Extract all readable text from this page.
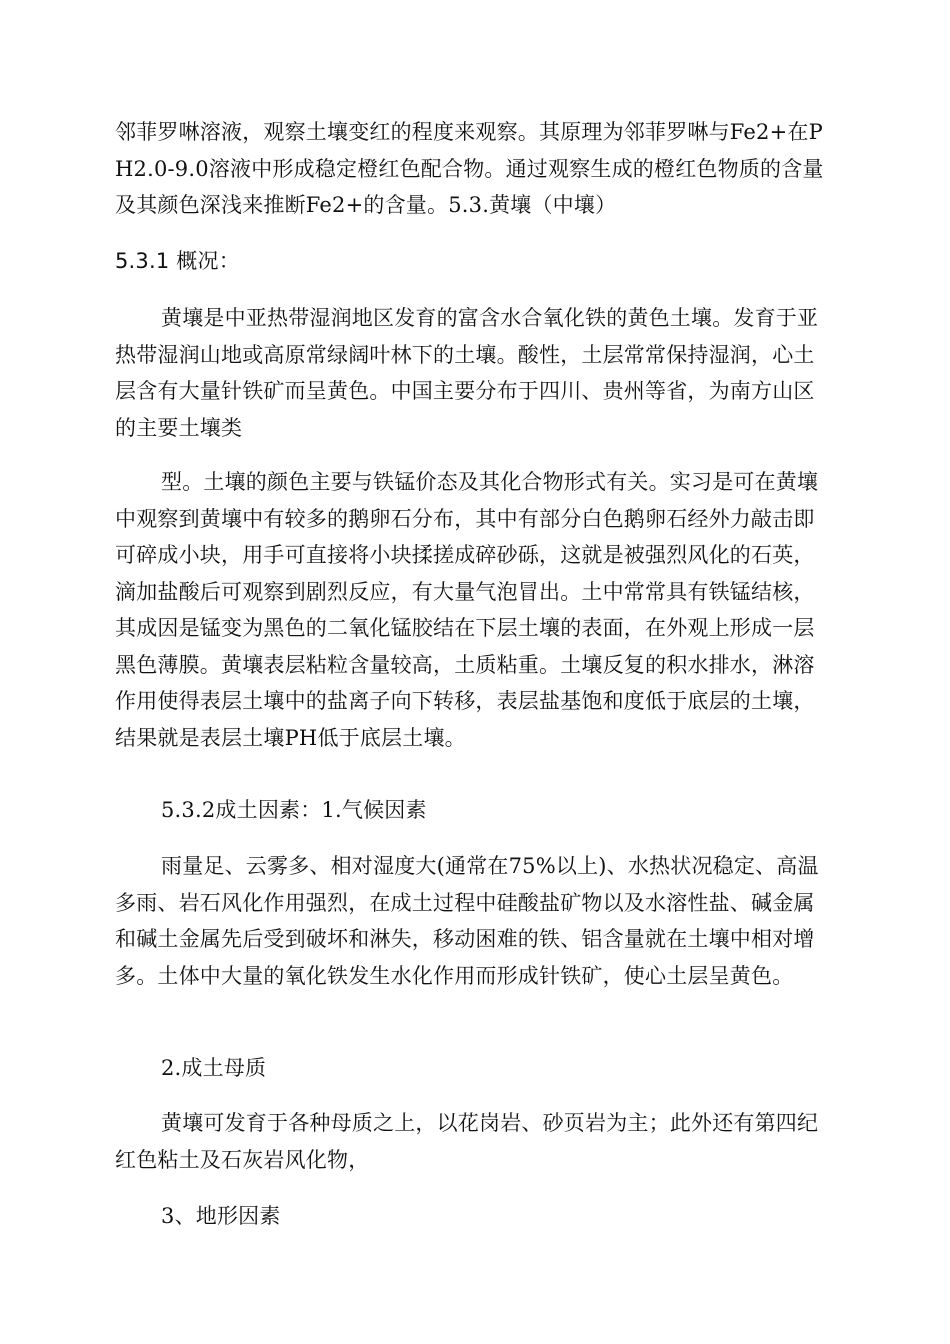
邻菲罗啉溶液，观察土壤变红的程度来观察。其原理为邻菲罗啉与Fe2+在PH2.0-9.0溶液中形成稳定橙红色配合物。通过观察生成的橙红色物质的含量及其颜色深浅来推断Fe2+的含量。5.3.黄壤（中壤）

5.3.1 概况：

黄壤是中亚热带湿润地区发育的富含水合氧化铁的黄色土壤。发育于亚热带湿润山地或高原常绿阔叶林下的土壤。酸性，土层常常保持湿润，心土层含有大量针铁矿而呈黄色。中国主要分布于四川、贵州等省，为南方山区的主要土壤类

型。土壤的颜色主要与铁锰价态及其化合物形式有关。实习是可在黄壤中观察到黄壤中有较多的鹅卵石分布，其中有部分白色鹅卵石经外力敲击即可碎成小块，用手可直接将小块揉搓成碎砂砾，这就是被强烈风化的石英，滴加盐酸后可观察到剧烈反应，有大量气泡冒出。土中常常具有铁锰结核，其成因是锰变为黑色的二氧化锰胶结在下层土壤的表面，在外观上形成一层黑色薄膜。黄壤表层粘粒含量较高，土质粘重。土壤反复的积水排水，淋溶作用使得表层土壤中的盐离子向下转移，表层盐基饱和度低于底层的土壤，结果就是表层土壤PH低于底层土壤。

5.3.2成土因素：1.气候因素

雨量足、云雾多、相对湿度大(通常在75%以上)、水热状况稳定、高温多雨、岩石风化作用强烈，在成土过程中硅酸盐矿物以及水溶性盐、碱金属和碱土金属先后受到破坏和淋失，移动困难的铁、铝含量就在土壤中相对增多。土体中大量的氧化铁发生水化作用而形成针铁矿，使心土层呈黄色。

2.成土母质

黄壤可发育于各种母质之上，以花岗岩、砂页岩为主；此外还有第四纪红色粘土及石灰岩风化物，

3、地形因素
